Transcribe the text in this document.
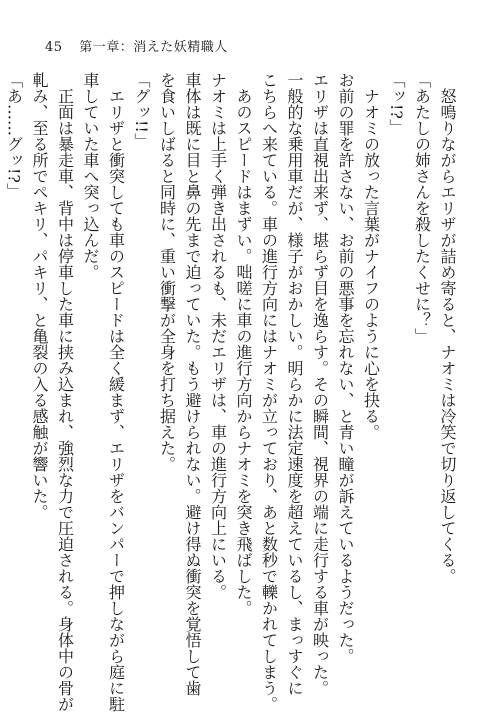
45 第一章：消えた妖精職人
怒鳴りながらエリザが詰め寄ると、ナオミは冷笑で切り返してくる。
「あたしの姉さんを殺したくせに？」
「ッ!?」
ナオミの放った言葉がナイフのように心を抉る。
お前の罪を許さない、お前の悪事を忘れない、と青い瞳が訴えているようだった。
エリザは直視出来ず、堪らず目を逸らす。その瞬間、視界の端に走行する車が映った。
一般的な乗用車だが、様子がおかしい。明らかに法定速度を超えているし、まっすぐに
こちらへ来ている。車の進行方向にはナオミが立っており、あと数秒で轢かれてしまう。
あのスピードはまずい。咄嗟に車の進行方向からナオミを突き飛ばした。
ナオミは上手く弾き出されるも、未だエリザは、車の進行方向上にいる。
車体は既に目と鼻の先まで迫っていた。もう避けられない。避け得ぬ衝突を覚悟して歯
を食いしばると同時に、重い衝撃が全身を打ち据えた。
「グッ!!」
エリザと衝突しても車のスピードは全く緩まず、エリザをバンパーで押しながら庭に駐
車していた車へ突っ込んだ。
正面は暴走車、背中は停車した車に挟み込まれ、強烈な力で圧迫される。身体中の骨が
軋み、至る所でペキリ、パキリ、と亀裂の入る感触が響いた。
「あ……グッ!?」
